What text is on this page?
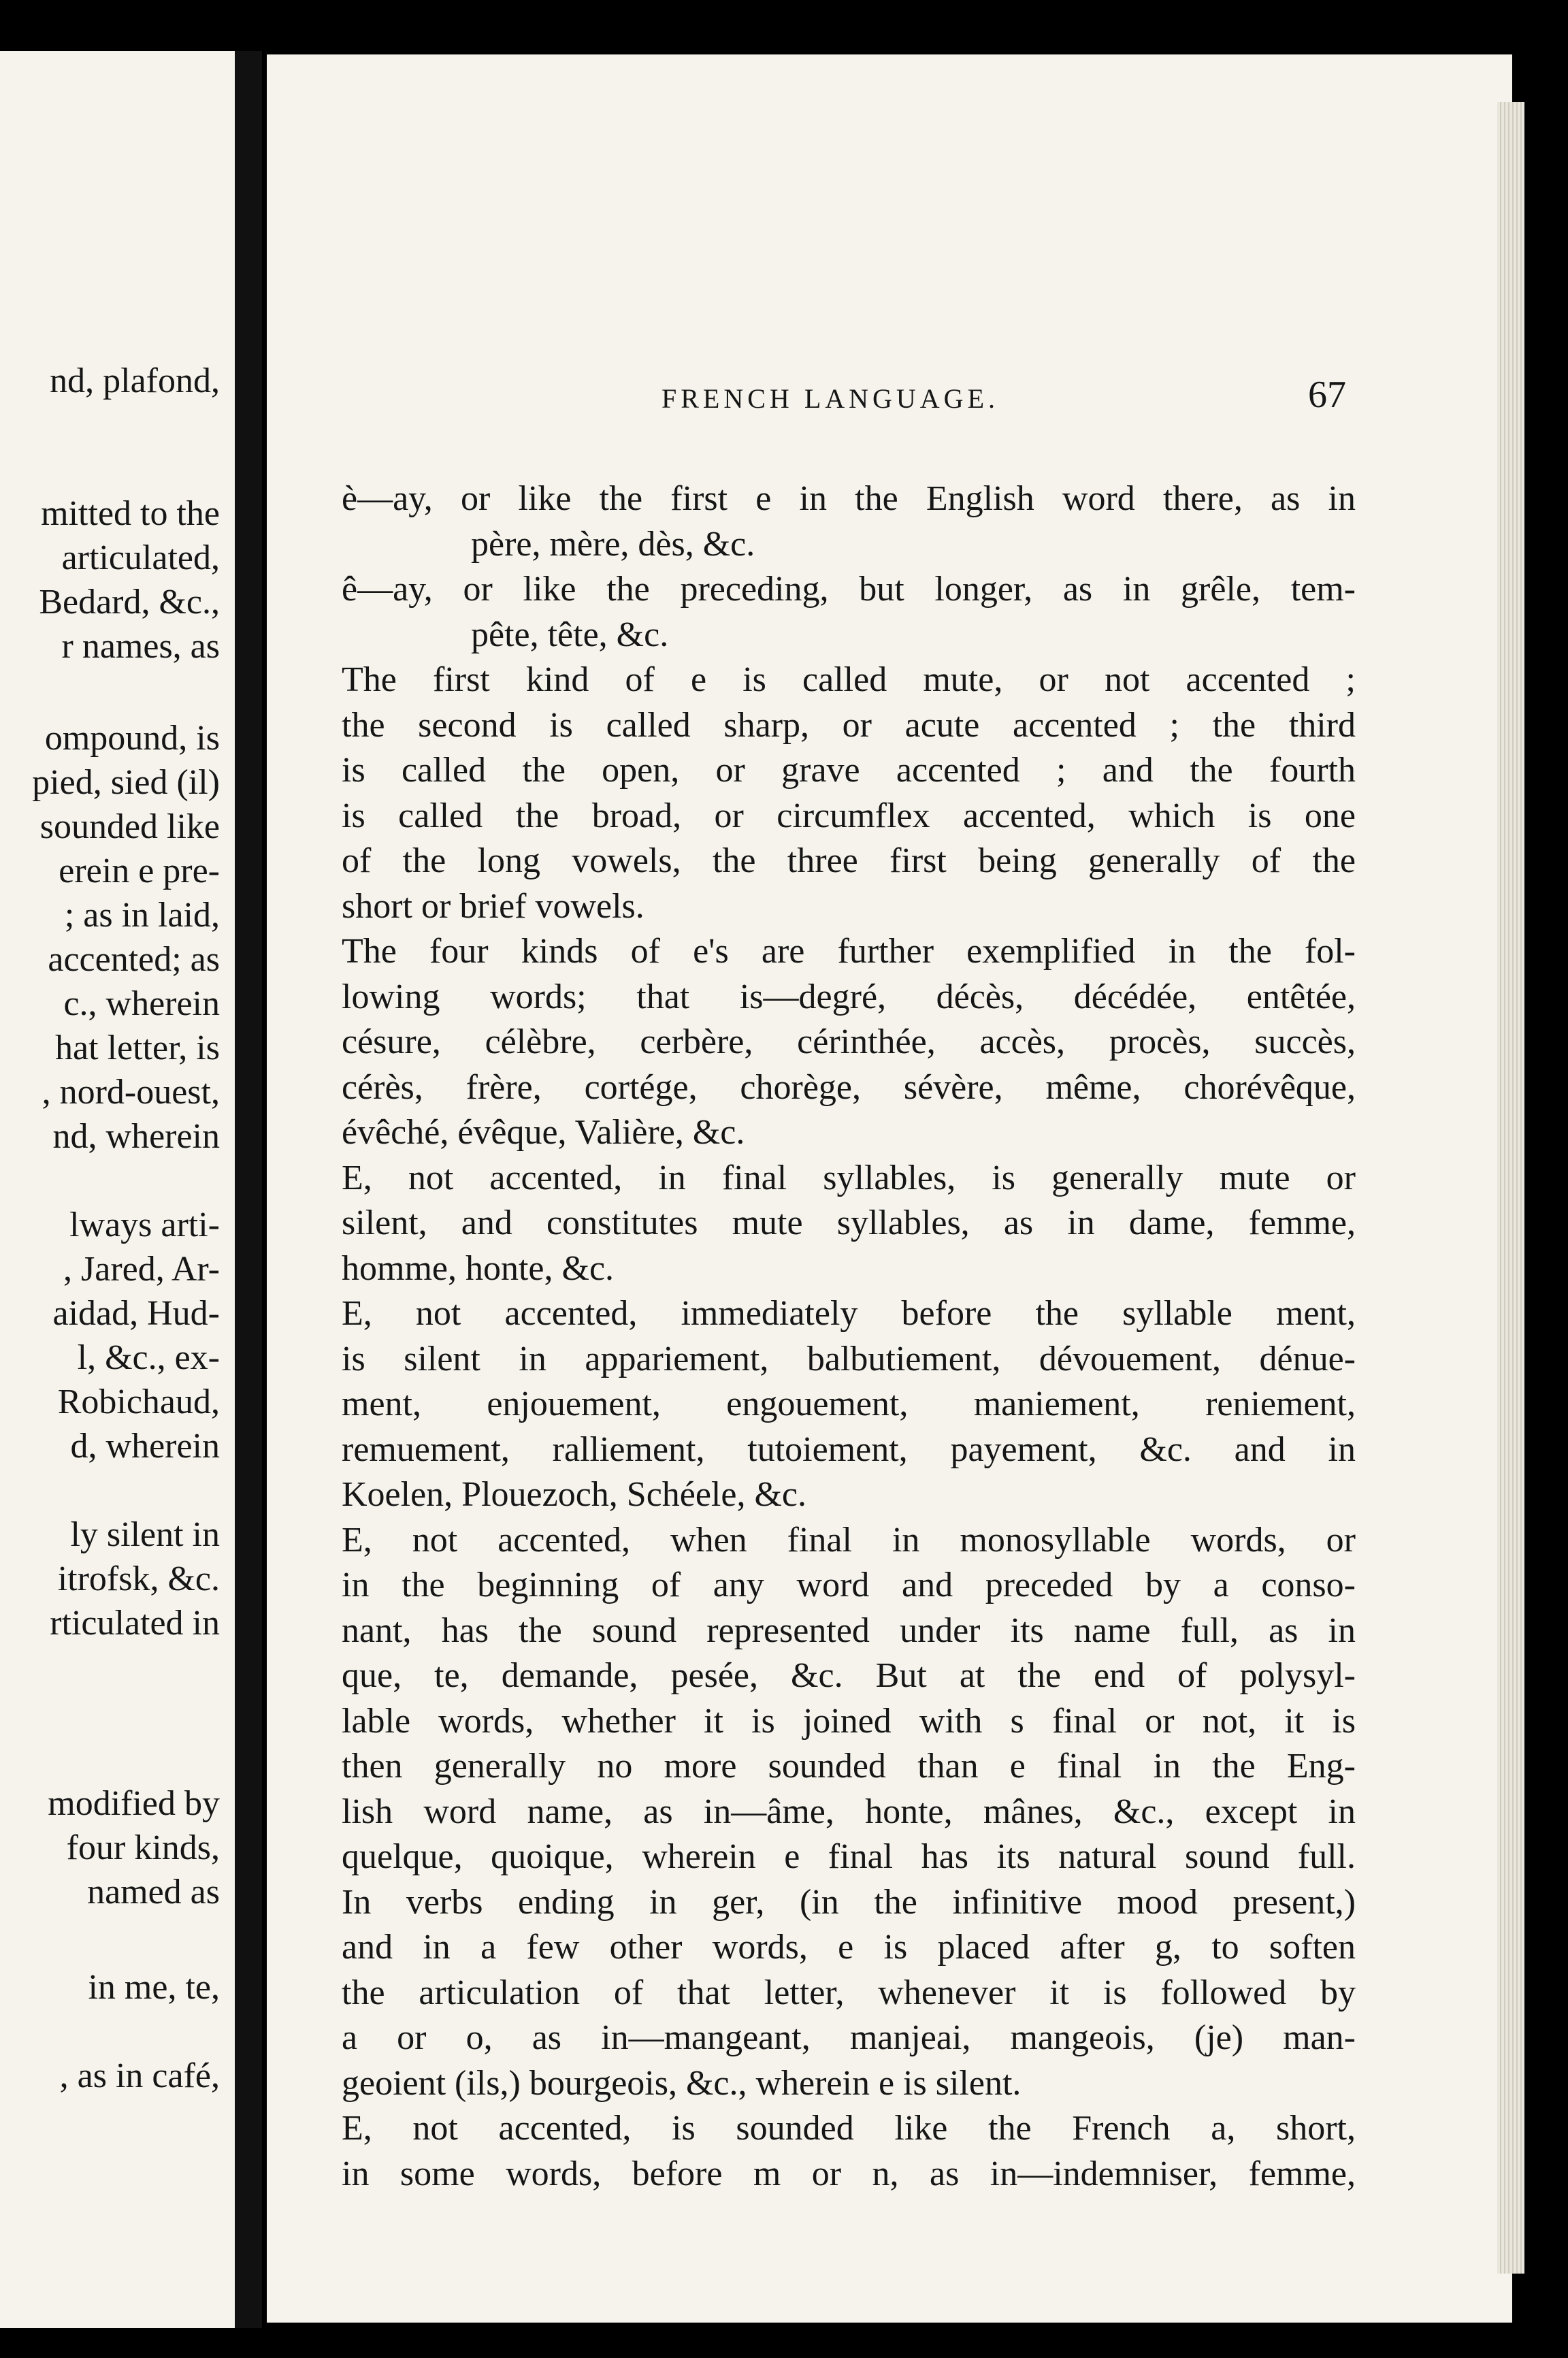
nd, plafond,
mitted to the
articulated,
Bedard, &c.,
r names, as
ompound, is
pied, sied (il)
sounded like
erein e pre-
; as in laid,
accented; as
c., wherein
hat letter, is
, nord-ouest,
nd, wherein
lways arti-
, Jared, Ar-
aidad, Hud-
l, &c., ex-
Robichaud,
d, wherein
ly silent in
itrofsk, &c.
rticulated in
modified by
four kinds,
named as
in me, te,
, as in café,
FRENCH LANGUAGE.	67
è—ay, or like the first e in the English word there, as in
père, mère, dès, &c.
ê—ay, or like the preceding, but longer, as in grêle, tem-
pête, tête, &c.
The first kind of e is called mute, or not accented ;
the second is called sharp, or acute accented ; the third
is called the open, or grave accented ; and the fourth
is called the broad, or circumflex accented, which is one
of the long vowels, the three first being generally of the
short or brief vowels.
The four kinds of e's are further exemplified in the fol-
lowing words; that is—degré, décès, décédée, entêtée,
césure, célèbre, cerbère, cérinthée, accès, procès, succès,
cérès, frère, cortége, chorège, sévère, même, chorévêque,
évêché, évêque, Valière, &c.
E, not accented, in final syllables, is generally mute or
silent, and constitutes mute syllables, as in dame, femme,
homme, honte, &c.
E, not accented, immediately before the syllable ment,
is silent in appariement, balbutiement, dévouement, dénue-
ment, enjouement, engouement, maniement, reniement,
remuement, ralliement, tutoiement, payement, &c. and in
Koelen, Plouezoch, Schéele, &c.
E, not accented, when final in monosyllable words, or
in the beginning of any word and preceded by a conso-
nant, has the sound represented under its name full, as in
que, te, demande, pesée, &c. But at the end of polysyl-
lable words, whether it is joined with s final or not, it is
then generally no more sounded than e final in the Eng-
lish word name, as in—âme, honte, mânes, &c., except in
quelque, quoique, wherein e final has its natural sound full.
In verbs ending in ger, (in the infinitive mood present,)
and in a few other words, e is placed after g, to soften
the articulation of that letter, whenever it is followed by
a or o, as in—mangeant, manjeai, mangeois, (je) man-
geoient (ils,) bourgeois, &c., wherein e is silent.
E, not accented, is sounded like the French a, short,
in some words, before m or n, as in—indemniser, femme,
